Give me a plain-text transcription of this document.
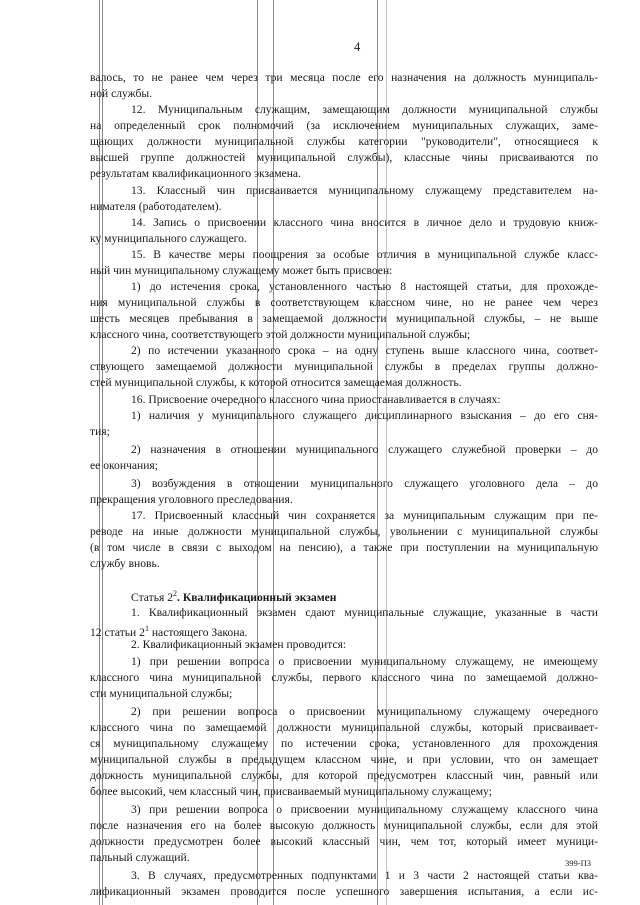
4
валось, то не ранее чем через три месяца после его назначения на должность муниципаль-
ной службы.
12. Муниципальным служащим, замещающим должности муниципальной службы
на определенный срок полномочий (за исключением муниципальных служащих, заме-
щающих должности муниципальной службы категории "руководители", относящиеся к
высшей группе должностей муниципальной службы), классные чины присваиваются по
результатам квалификационного экзамена.
13. Классный чин присваивается муниципальному служащему представителем на-
нимателя (работодателем).
14. Запись о присвоении классного чина вносится в личное дело и трудовую книж-
ку муниципального служащего.
15. В качестве меры поощрения за особые отличия в муниципальной службе класс-
ный чин муниципальному служащему может быть присвоен:
1) до истечения срока, установленного частью 8 настоящей статьи, для прохожде-
ния муниципальной службы в соответствующем классном чине, но не ранее чем через
шесть месяцев пребывания в замещаемой должности муниципальной службы, – не выше
классного чина, соответствующего этой должности муниципальной службы;
2) по истечении указанного срока – на одну ступень выше классного чина, соответ-
ствующего замещаемой должности муниципальной службы в пределах группы должно-
стей муниципальной службы, к которой относится замещаемая должность.
16. Присвоение очередного классного чина приостанавливается в случаях:
1) наличия у муниципального служащего дисциплинарного взыскания – до его сня-
тия;
2) назначения в отношении муниципального служащего служебной проверки – до
ее окончания;
3) возбуждения в отношении муниципального служащего уголовного дела – до
прекращения уголовного преследования.
17. Присвоенный классный чин сохраняется за муниципальным служащим при пе-
реводе на иные должности муниципальной службы, увольнении с муниципальной службы
(в том числе в связи с выходом на пенсию), а также при поступлении на муниципальную
службу вновь.
Статья $2^2$. Квалификационный экзамен
1. Квалификационный экзамен сдают муниципальные служащие, указанные в части
12 статьи $2^1$ настоящего Закона.
2. Квалификационный экзамен проводится:
1) при решении вопроса о присвоении муниципальному служащему, не имеющему
классного чина муниципальной службы, первого классного чина по замещаемой должно-
сти муниципальной службы;
2) при решении вопроса о присвоении муниципальному служащему очередного
классного чина по замещаемой должности муниципальной службы, который присваивает-
ся муниципальному служащему по истечении срока, установленного для прохождения
муниципальной службы в предыдущем классном чине, и при условии, что он замещает
должность муниципальной службы, для которой предусмотрен классный чин, равный или
более высокий, чем классный чин, присваиваемый муниципальному служащему;
3) при решении вопроса о присвоении муниципальному служащему классного чина
после назначения его на более высокую должность муниципальной службы, если для этой
должности предусмотрен более высокий классный чин, чем тот, который имеет муници-
пальный служащий.
3. В случаях, предусмотренных подпунктами 1 и 3 части 2 настоящей статьи ква-
лификационный экзамен проводится после успешного завершения испытания, а если ис-
399-ПЗ
